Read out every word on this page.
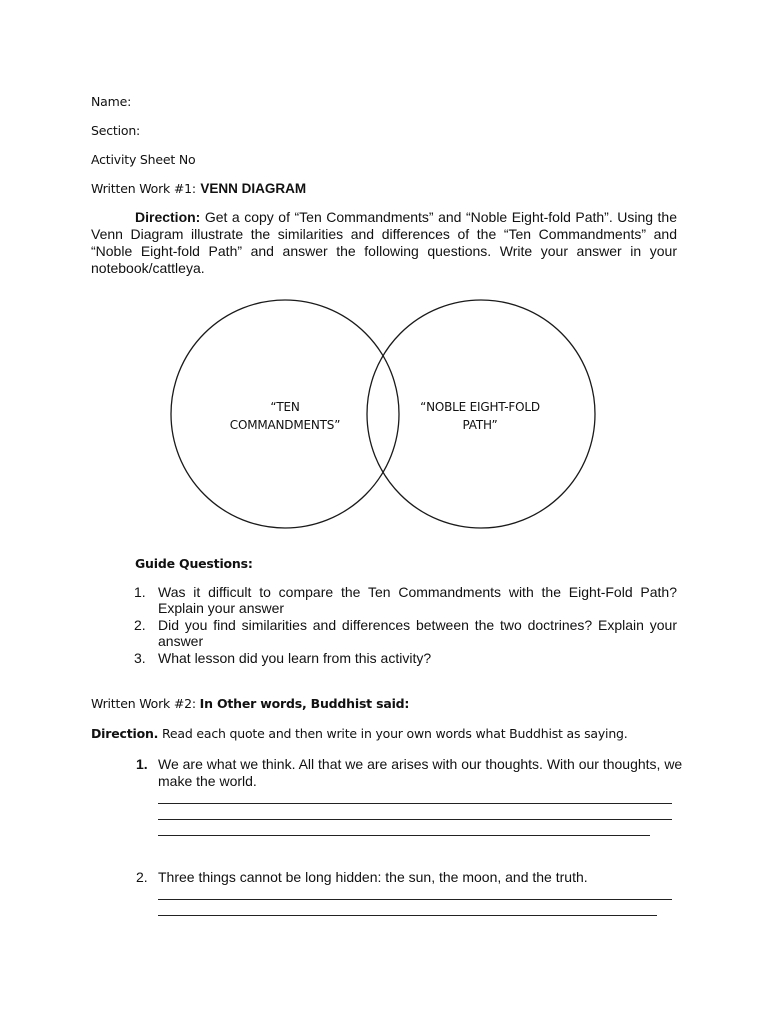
Name:
Section:
Activity Sheet No
Written Work #1: VENN DIAGRAM
Direction: Get a copy of “Ten Commandments” and “Noble Eight-fold Path”. Using the Venn Diagram illustrate the similarities and differences of the “Ten Commandments” and “Noble Eight-fold Path” and answer the following questions. Write your answer in your notebook/cattleya.
“TEN
COMMANDMENTS”
“NOBLE EIGHT-FOLD
PATH”
Guide Questions:
1. Was it difficult to compare the Ten Commandments with the Eight-Fold Path? Explain your answer
2. Did you find similarities and differences between the two doctrines? Explain your answer
3. What lesson did you learn from this activity?
Written Work #2: In Other words, Buddhist said:
Direction. Read each quote and then write in your own words what Buddhist as saying.
1. We are what we think. All that we are arises with our thoughts. With our thoughts, we
make the world.
2. Three things cannot be long hidden: the sun, the moon, and the truth.
